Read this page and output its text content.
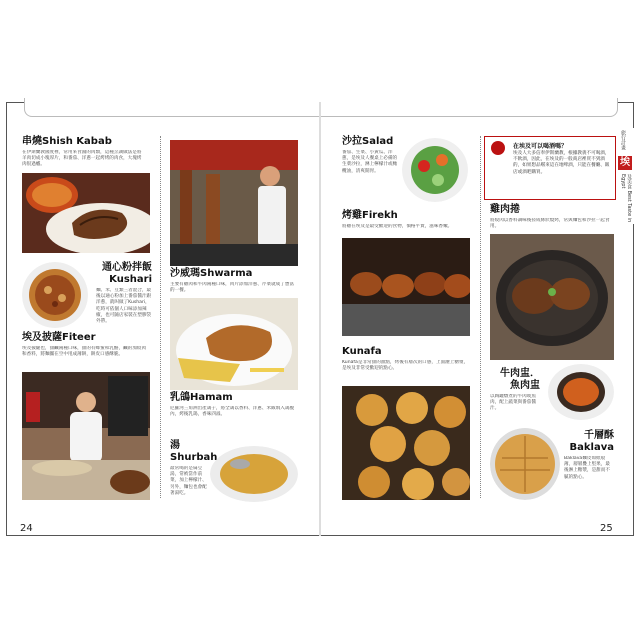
串燒Shish Kabab
在伊斯蘭教國度裡，常用來食醬的肉類，這種烹調做法是將羊肉切成小塊厚片，和番茄、洋蔥一起烤烤的肉食，大塊烤肉很過癮。
通心粉拌飯
Kushari
麵、米、豆類三者混合，最後以通心粉加上番茄醬汁跟洋蔥，就叫做了Kushari，吃時可依個人口味添加辣椒，也可隨店家裝在塑膠袋外帶。
埃及披薩Fiteer
埃及披薩也，甜鹹兩種口味，甜的有蜂蜜和乳酪，鹹的加絞肉和香料，將麵團在空中甩成薄餅，餅皮口感酥脆。
沙威瑪Shwarma
主要有雞肉和牛肉兩種口味，肉片添加洋蔥、芹菜就成了豐富的一餐。
乳鴿Hamam
尼羅河三角洲出產鴿子，將全鴿以香料、洋蔥、米飯填入鴿腹內，烤後乳鴿，香味四溢。
湯
Shurbah
最常喝的是扁豆湯，常被當作前菜，加上檸檬汁、另外，麵包也會配著湯吃。
24
沙拉Salad
番茄、生菜、小黃瓜、洋蔥，是埃及人餐桌上必備的生菜沙拉，淋上檸檬汁或橄欖油，清爽開胃。
烤雞Firekh
將雞在埃及是最受歡迎的食物，價格平實，滋味香嫩。
Kunafa
Kunafa是非常甜的甜點，烤後有層次的口感，上面灑上糖漿，是埃及非常受歡迎的點心。
在埃及可以喝酒嗎？
埃及人大多信奉伊斯蘭教，根據教義不可喝酒，不飲酒，因此，在埃及的一般商店裡買不到酒的，如果想品嚐來這在地啤酒，只能在餐廳、飯店或酒吧購買。
雞肉捲
將絞肉以香料調味後搓成條狀燒烤，常與麵包和沙拉一起食用。
牛肉盅．
魚肉盅
以陶罐燉煮的牛肉或魚肉，配上蔬菜與番茄醬汁。
千層酥
Baklava
Baklava麵皮如紙般薄，層層疊上堅果，最後淋上糖漿，是甜而不膩的點心。
旅行計畫
埃
及美食 Best Taste in Egypt
25
